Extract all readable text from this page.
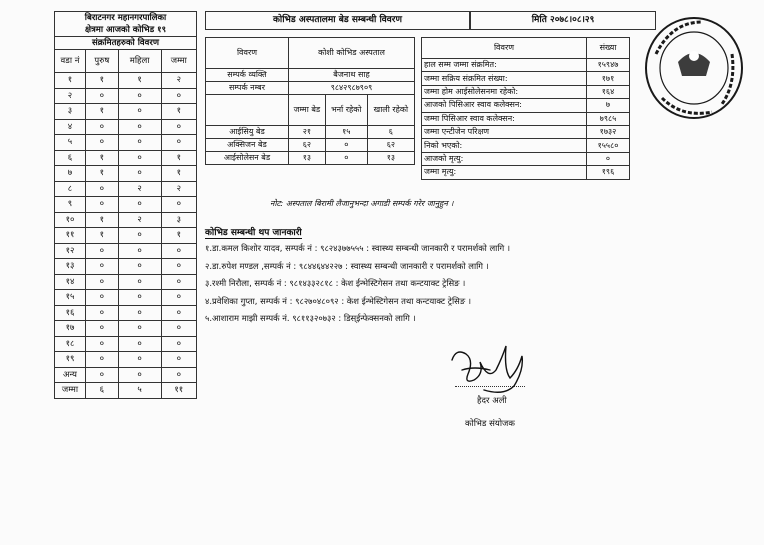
बिराटनगर महानगरपालिका			
क्षेत्रमा आजको कोभिड १९			
संक्रमितहरुको विवरण			
वडा नं	पुरुष	महिला	जम्मा
१	१	१	२
२	०	०	०
३	१	०	१
४	०	०	०
५	०	०	०
६	१	०	१
७	१	०	१
८	०	२	२
९	०	०	०
१०	१	२	३
११	१	०	१
१२	०	०	०
१३	०	०	०
१४	०	०	०
१५	०	०	०
१६	०	०	०
१७	०	०	०
१८	०	०	०
१९	०	०	०
अन्य	०	०	०
जम्मा	६	५	११
कोभिड अस्पतालमा बेड सम्बन्धी विवरण	मिति २०७८।०८।२९
विवरण	कोशी कोभिड अस्पताल		
सम्पर्क व्यक्ति	बैजनाथ साह		
सम्पर्क नम्बर	९८४२९८७९०९		
	जम्मा बेड	भर्ना रहेको	खाली रहेको
आईसियु बेड	२१	१५	६
अक्सिजन बेड	६२	०	६२
आईसोलेसन बेड	१३	०	१३
विवरण	संख्या
हाल सम्म जम्मा संक्रमित:	१५९४७
जम्मा सक्रिय संक्रमित संख्या:	१७१
जम्मा होम आईसोलेसनमा रहेको:	१६४
आजको पिसिआर स्वाव कलेक्सन:	७
जम्मा पिसिआर स्वाव कलेक्सन:	७९८५
जम्मा एन्टीजेन परिक्षण	१७३२
निको भएको:	१५५८०
आजको मृत्यु:	०
जम्मा मृत्यु:	१९६
नोट: अस्पताल बिरामी लैजानुभन्दा अगाडी सम्पर्क गरेर जानुहुन ।
कोभिड सम्बन्धी थप जानकारी
१.डा.कमल किशोर यादव, सम्पर्क नं : ९८२४३७७५५५ : स्वास्थ्य सम्बन्धी जानकारी र परामर्शको लागि ।
२.डा.रुपेश मण्डल ,सम्पर्क नं : ९८४४६४४२२७ : स्वास्थ्य सम्बन्धी जानकारी र परामर्शको लागि ।
३.रश्मी निरौला, सम्पर्क नं : ९८१४३३२८१८ : केश ईन्भेस्टिगेसन तथा कन्टयाक्ट ट्रेसिङ ।
४.प्रवेशिका गुप्ता, सम्पर्क नं : ९८२७०४८०९२ : केश ईन्भेस्टिगेसन तथा कन्टयाक्ट ट्रेसिङ ।
५.आशाराम माझी सम्पर्क नं. ९८११३२०७३२ : डिस्ईन्फेक्सनको लागि ।
हैदर अली
कोभिड संयोजक
